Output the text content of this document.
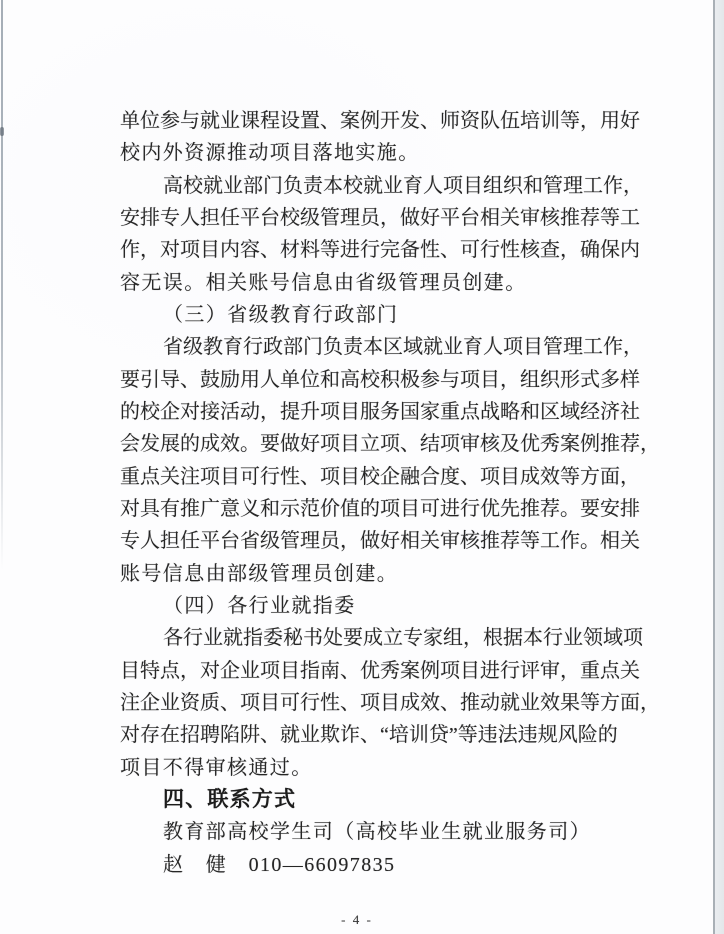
单 位 参 与 就 业 课 程 设 置 、 案 例 开 发 、 师 资 队 伍 培 训 等 ， 用 好
校内外资源推动项目落地实施。
高 校 就 业 部 门 负 责 本 校 就 业 育 人 项 目 组 织 和 管 理 工 作 ，
安 排 专 人 担 任 平 台 校 级 管 理 员 ， 做 好 平 台 相 关 审 核 推 荐 等 工
作 ， 对 项 目 内 容 、 材 料 等 进 行 完 备 性 、 可 行 性 核 查 ， 确 保 内
容无误。相关账号信息由省级管理员创建。
（三）省级教育行政部门
省 级 教 育 行 政 部 门 负 责 本 区 域 就 业 育 人 项 目 管 理 工 作 ，
要 引 导 、 鼓 励 用 人 单 位 和 高 校 积 极 参 与 项 目 ， 组 织 形 式 多 样
的 校 企 对 接 活 动 ， 提 升 项 目 服 务 国 家 重 点 战 略 和 区 域 经 济 社
会 发 展 的 成 效 。 要 做 好 项 目 立 项 、 结 项 审 核 及 优 秀 案 例 推 荐 ，
重 点 关 注 项 目 可 行 性 、 项 目 校 企 融 合 度 、 项 目 成 效 等 方 面 ，
对 具 有 推 广 意 义 和 示 范 价 值 的 项 目 可 进 行 优 先 推 荐 。 要 安 排
专 人 担 任 平 台 省 级 管 理 员 ， 做 好 相 关 审 核 推 荐 等 工 作 。 相 关
账号信息由部级管理员创建。
（四）各行业就指委
各 行 业 就 指 委 秘 书 处 要 成 立 专 家 组 ， 根 据 本 行 业 领 域 项
目 特 点 ， 对 企 业 项 目 指 南 、 优 秀 案 例 项 目 进 行 评 审 ， 重 点 关
注 企 业 资 质 、 项 目 可 行 性 、 项 目 成 效 、 推 动 就 业 效 果 等 方 面 ，
对 存 在 招 聘 陷 阱 、 就 业 欺 诈 、 “ 培 训 贷 ” 等 违 法 违 规 风 险 的
项目不得审核通过。
四、联系方式
教育部高校学生司（高校毕业生就业服务司）
赵　健　010—66097835
- 4 -
